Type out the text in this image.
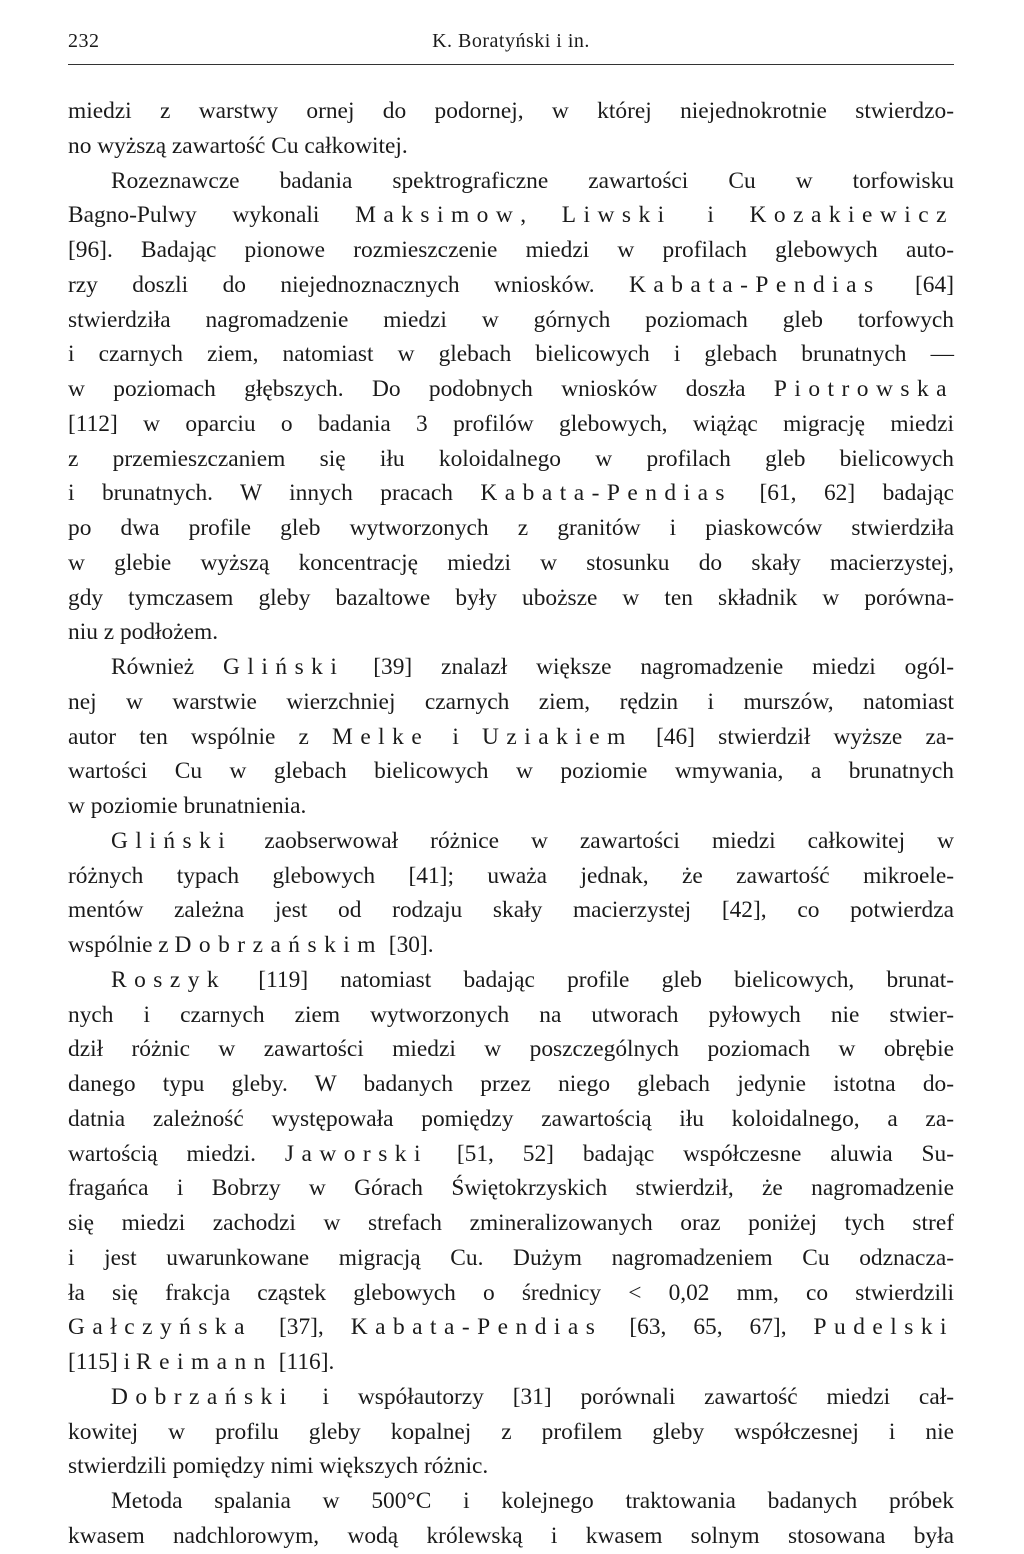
232	K. Boratyński i in.

miedzi z warstwy ornej do podornej, w której niejednokrotnie stwierdzo-

no wyższą zawartość Cu całkowitej.

Rozeznawcze badania spektrograficzne zawartości Cu w torfowisku

Bagno-Pulwy wykonali Maksimow, Liwski i Kozakiewicz

[96]. Badając pionowe rozmieszczenie miedzi w profilach glebowych auto-

rzy doszli do niejednoznacznych wniosków. Kabata-Pendias [64]

stwierdziła nagromadzenie miedzi w górnych poziomach gleb torfowych

i czarnych ziem, natomiast w glebach bielicowych i glebach brunatnych —

w poziomach głębszych. Do podobnych wniosków doszła Piotrowska

[112] w oparciu o badania 3 profilów glebowych, wiążąc migrację miedzi

z przemieszczaniem się iłu koloidalnego w profilach gleb bielicowych

i brunatnych. W innych pracach Kabata-Pendias [61, 62] badając

po dwa profile gleb wytworzonych z granitów i piaskowców stwierdziła

w glebie wyższą koncentrację miedzi w stosunku do skały macierzystej,

gdy tymczasem gleby bazaltowe były uboższe w ten składnik w porówna-

niu z podłożem.

Również Gliński [39] znalazł większe nagromadzenie miedzi ogól-

nej w warstwie wierzchniej czarnych ziem, rędzin i murszów, natomiast

autor ten wspólnie z Melke i Uziakiem [46] stwierdził wyższe za-

wartości Cu w glebach bielicowych w poziomie wmywania, a brunatnych

w poziomie brunatnienia.

Gliński zaobserwował różnice w zawartości miedzi całkowitej w

różnych typach glebowych [41]; uważa jednak, że zawartość mikroele-

mentów zależna jest od rodzaju skały macierzystej [42], co potwierdza

wspólnie z Dobrzańskim [30].

Roszyk [119] natomiast badając profile gleb bielicowych, brunat-

nych i czarnych ziem wytworzonych na utworach pyłowych nie stwier-

dził różnic w zawartości miedzi w poszczególnych poziomach w obrębie

danego typu gleby. W badanych przez niego glebach jedynie istotna do-

datnia zależność występowała pomiędzy zawartością iłu koloidalnego, a za-

wartością miedzi. Jaworski [51, 52] badając współczesne aluwia Su-

fragańca i Bobrzy w Górach Świętokrzyskich stwierdził, że nagromadzenie

się miedzi zachodzi w strefach zmineralizowanych oraz poniżej tych stref

i jest uwarunkowane migracją Cu. Dużym nagromadzeniem Cu odznacza-

ła się frakcja cząstek glebowych o średnicy < 0,02 mm, co stwierdzili

Gałczyńska [37], Kabata-Pendias [63, 65, 67], Pudelski

[115] i Reimann [116].

Dobrzański i współautorzy [31] porównali zawartość miedzi cał-

kowitej w profilu gleby kopalnej z profilem gleby współczesnej i nie

stwierdzili pomiędzy nimi większych różnic.

Metoda spalania w 500°C i kolejnego traktowania badanych próbek

kwasem nadchlorowym, wodą królewską i kwasem solnym stosowana była
